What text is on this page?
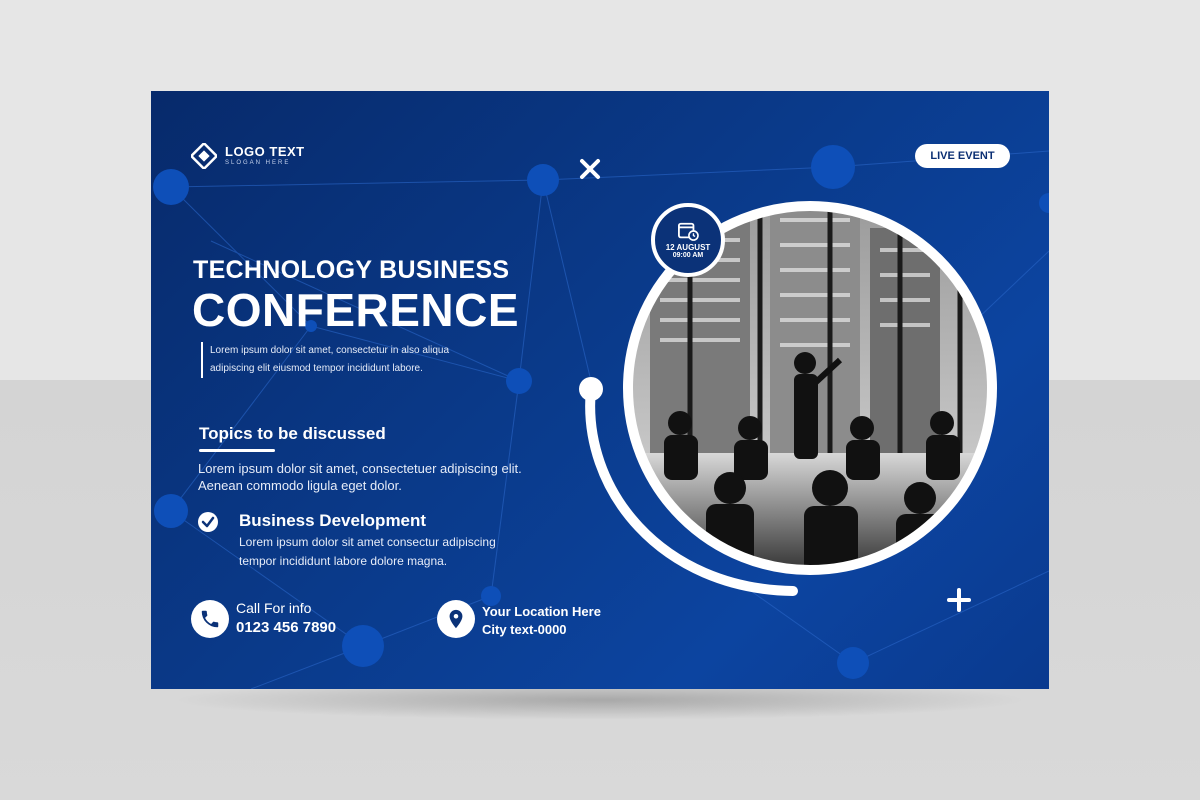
LOGO TEXT
SLOGAN HERE
LIVE EVENT
TECHNOLOGY BUSINESS
CONFERENCE
Lorem ipsum dolor sit amet, consectetur in also aliqua
adipiscing elit eiusmod tempor incididunt labore.
Topics to be discussed
Lorem ipsum dolor sit amet, consectetuer adipiscing elit. Aenean commodo ligula eget dolor.
Business Development
Lorem ipsum dolor sit amet consectur adipiscing
tempor incididunt labore dolore magna.
Call For info
0123 456 7890
Your Location Here
City text-0000
12 AUGUST
09:00 AM
